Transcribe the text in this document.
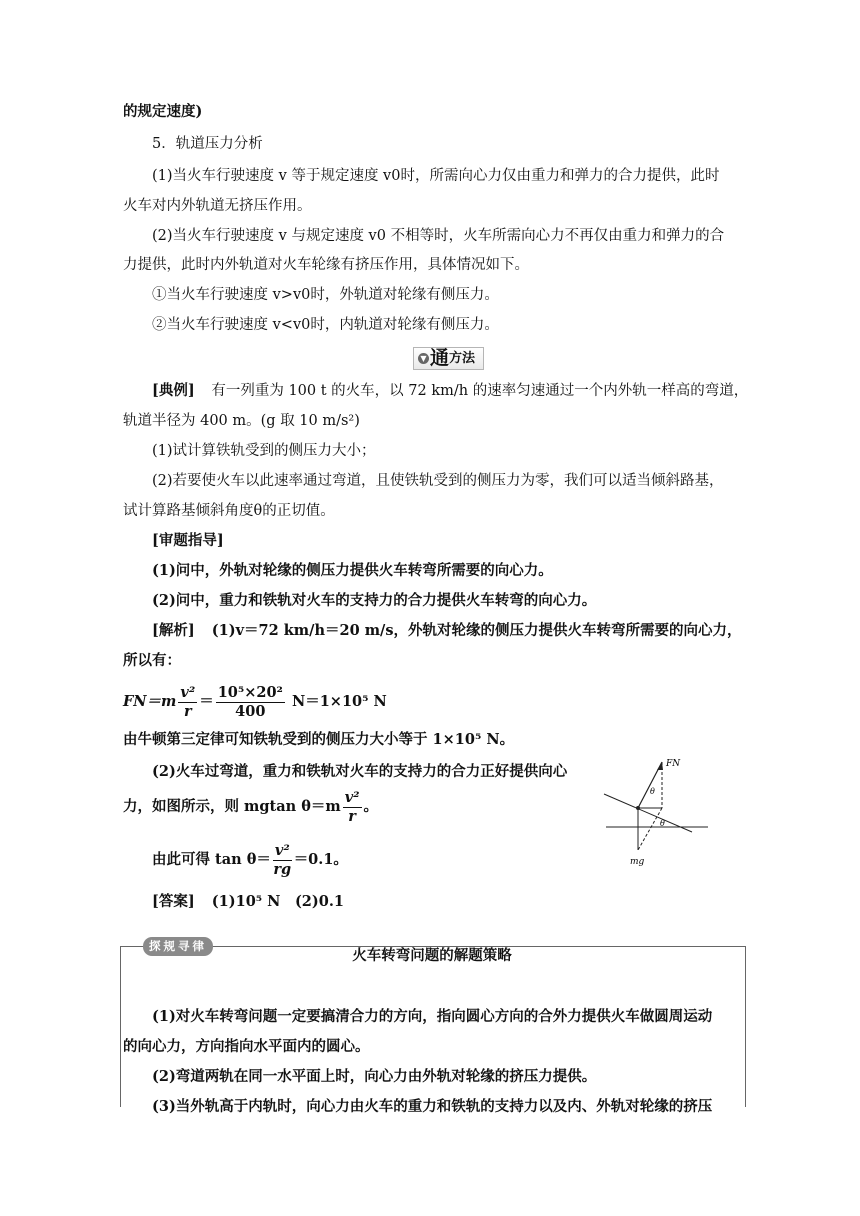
的规定速度)
5．轨道压力分析
(1)当火车行驶速度 v 等于规定速度 v0时，所需向心力仅由重力和弹力的合力提供，此时
火车对内外轨道无挤压作用。
(2)当火车行驶速度 v 与规定速度 v0 不相等时，火车所需向心力不再仅由重力和弹力的合
力提供，此时内外轨道对火车轮缘有挤压作用，具体情况如下。
①当火车行驶速度 v>v0时，外轨道对轮缘有侧压力。
②当火车行驶速度 v<v0时，内轨道对轮缘有侧压力。
▼ 通方法
[典例] 有一列重为 100 t 的火车，以 72 km/h 的速率匀速通过一个内外轨一样高的弯道，
轨道半径为 400 m。(g 取 10 m/s²)
(1)试计算铁轨受到的侧压力大小；
(2)若要使火车以此速率通过弯道，且使铁轨受到的侧压力为零，我们可以适当倾斜路基，
试计算路基倾斜角度θ的正切值。
[审题指导]
(1)问中，外轨对轮缘的侧压力提供火车转弯所需要的向心力。
(2)问中，重力和铁轨对火车的支持力的合力提供火车转弯的向心力。
[解析] (1)v＝72 km/h＝20 m/s，外轨对轮缘的侧压力提供火车转弯所需要的向心力，
所以有：
$FN=m \frac{\text{v²}}{r} = \frac{\text{10⁵×20²}}{400} N=1\times 10^5$ N
由牛顿第三定律可知铁轨受到的侧压力大小等于 1×10⁵ N。
(2)火车过弯道，重力和铁轨对火车的支持力的合力正好提供向心
力，如图所示，则 mgtan $\theta=m \frac{\text{v²}}{r}$ 。
由此可得 $\tan \theta= \frac{\text{v²}}{rg} =0.1$。
[答案] (1)10⁵ N　(2)0.1
FN
θ
θ
mg
探规寻律
火车转弯问题的解题策略
(1)对火车转弯问题一定要搞清合力的方向，指向圆心方向的合外力提供火车做圆周运动
的向心力，方向指向水平面内的圆心。
(2)弯道两轨在同一水平面上时，向心力由外轨对轮缘的挤压力提供。
(3)当外轨高于内轨时，向心力由火车的重力和铁轨的支持力以及内、外轨对轮缘的挤压
